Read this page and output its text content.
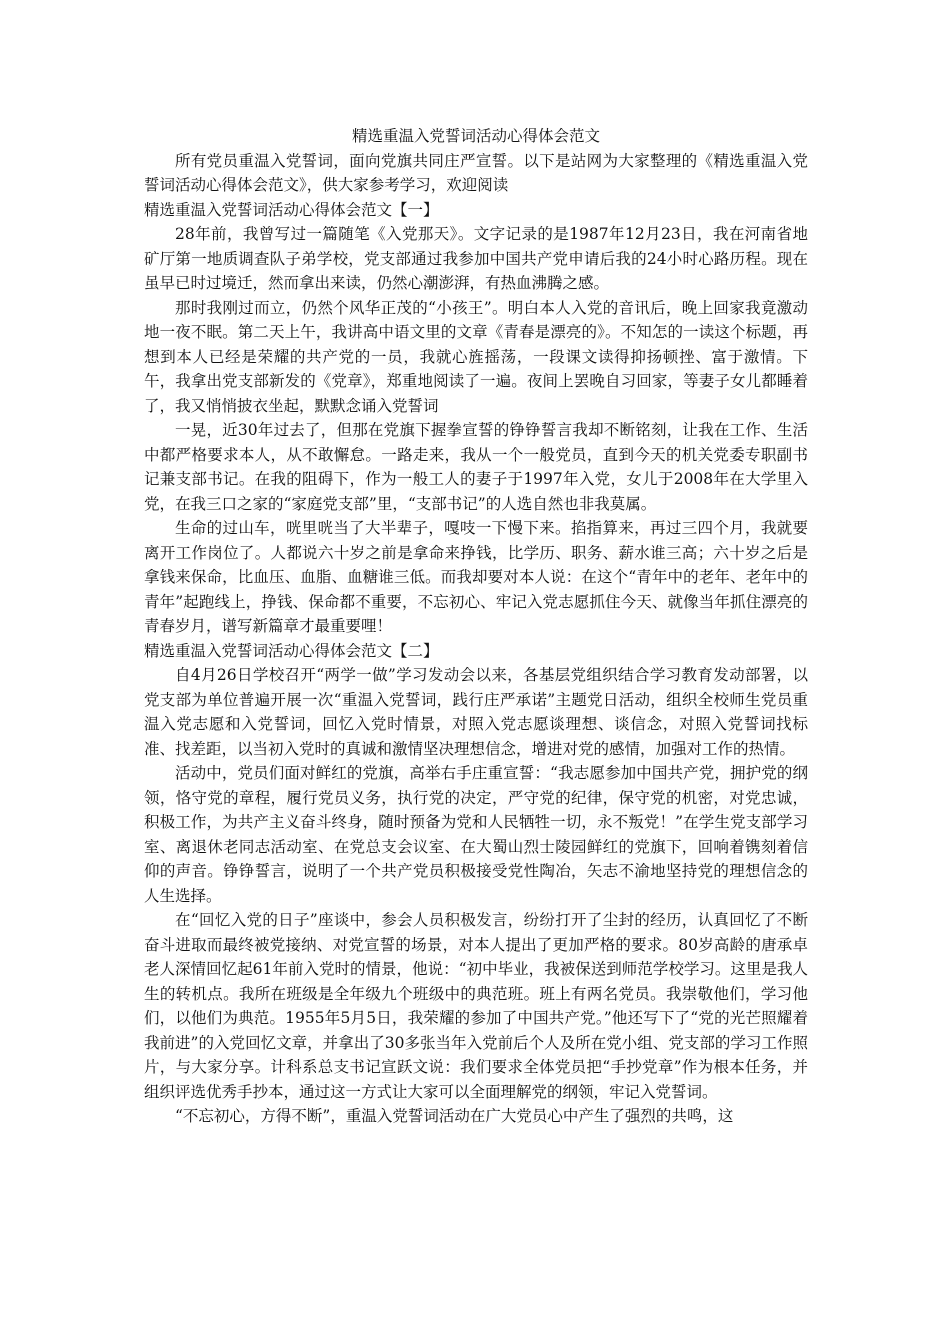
精选重温入党誓词活动心得体会范文

所有党员重温入党誓词，面向党旗共同庄严宣誓。以下是站网为大家整理的《精选重温入党誓词活动心得体会范文》，供大家参考学习，欢迎阅读

精选重温入党誓词活动心得体会范文【一】

28年前，我曾写过一篇随笔《入党那天》。文字记录的是1987年12月23日，我在河南省地矿厅第一地质调查队子弟学校，党支部通过我参加中国共产党申请后我的24小时心路历程。现在虽早已时过境迁，然而拿出来读，仍然心潮澎湃，有热血沸腾之感。

那时我刚过而立，仍然个风华正茂的“小孩王”。明白本人入党的音讯后，晚上回家我竟激动地一夜不眠。第二天上午，我讲高中语文里的文章《青春是漂亮的》。不知怎的一读这个标题，再想到本人已经是荣耀的共产党的一员，我就心旌摇荡，一段课文读得抑扬顿挫、富于激情。下午，我拿出党支部新发的《党章》，郑重地阅读了一遍。夜间上罢晚自习回家，等妻子女儿都睡着了，我又悄悄披衣坐起，默默念诵入党誓词

一晃，近30年过去了，但那在党旗下握拳宣誓的铮铮誓言我却不断铭刻，让我在工作、生活中都严格要求本人，从不敢懈怠。一路走来，我从一个一般党员，直到今天的机关党委专职副书记兼支部书记。在我的阻碍下，作为一般工人的妻子于1997年入党，女儿于2008年在大学里入党，在我三口之家的“家庭党支部”里，“支部书记”的人选自然也非我莫属。

生命的过山车，咣里咣当了大半辈子，嘎吱一下慢下来。掐指算来，再过三四个月，我就要离开工作岗位了。人都说六十岁之前是拿命来挣钱，比学历、职务、薪水谁三高；六十岁之后是拿钱来保命，比血压、血脂、血糖谁三低。而我却要对本人说：在这个“青年中的老年、老年中的青年”起跑线上，挣钱、保命都不重要，不忘初心、牢记入党志愿抓住今天、就像当年抓住漂亮的青春岁月，谱写新篇章才最重要哩！

精选重温入党誓词活动心得体会范文【二】

自4月26日学校召开“两学一做”学习发动会以来，各基层党组织结合学习教育发动部署，以党支部为单位普遍开展一次“重温入党誓词，践行庄严承诺”主题党日活动，组织全校师生党员重温入党志愿和入党誓词，回忆入党时情景，对照入党志愿谈理想、谈信念，对照入党誓词找标准、找差距，以当初入党时的真诚和激情坚决理想信念，增进对党的感情，加强对工作的热情。

活动中，党员们面对鲜红的党旗，高举右手庄重宣誓：“我志愿参加中国共产党，拥护党的纲领，恪守党的章程，履行党员义务，执行党的决定，严守党的纪律，保守党的机密，对党忠诚，积极工作，为共产主义奋斗终身，随时预备为党和人民牺牲一切，永不叛党！”在学生党支部学习室、离退休老同志活动室、在党总支会议室、在大蜀山烈士陵园鲜红的党旗下，回响着镌刻着信仰的声音。铮铮誓言，说明了一个共产党员积极接受党性陶冶，矢志不渝地坚持党的理想信念的人生选择。

在“回忆入党的日子”座谈中，参会人员积极发言，纷纷打开了尘封的经历，认真回忆了不断奋斗进取而最终被党接纳、对党宣誓的场景，对本人提出了更加严格的要求。80岁高龄的唐承卓老人深情回忆起61年前入党时的情景，他说：“初中毕业，我被保送到师范学校学习。这里是我人生的转机点。我所在班级是全年级九个班级中的典范班。班上有两名党员。我崇敬他们，学习他们，以他们为典范。1955年5月5日，我荣耀的参加了中国共产党。”他还写下了“党的光芒照耀着我前进”的入党回忆文章，并拿出了30多张当年入党前后个人及所在党小组、党支部的学习工作照片，与大家分享。计科系总支书记宣跃文说：我们要求全体党员把“手抄党章”作为根本任务，并组织评选优秀手抄本，通过这一方式让大家可以全面理解党的纲领，牢记入党誓词。

“不忘初心，方得不断”，重温入党誓词活动在广大党员心中产生了强烈的共鸣，这
